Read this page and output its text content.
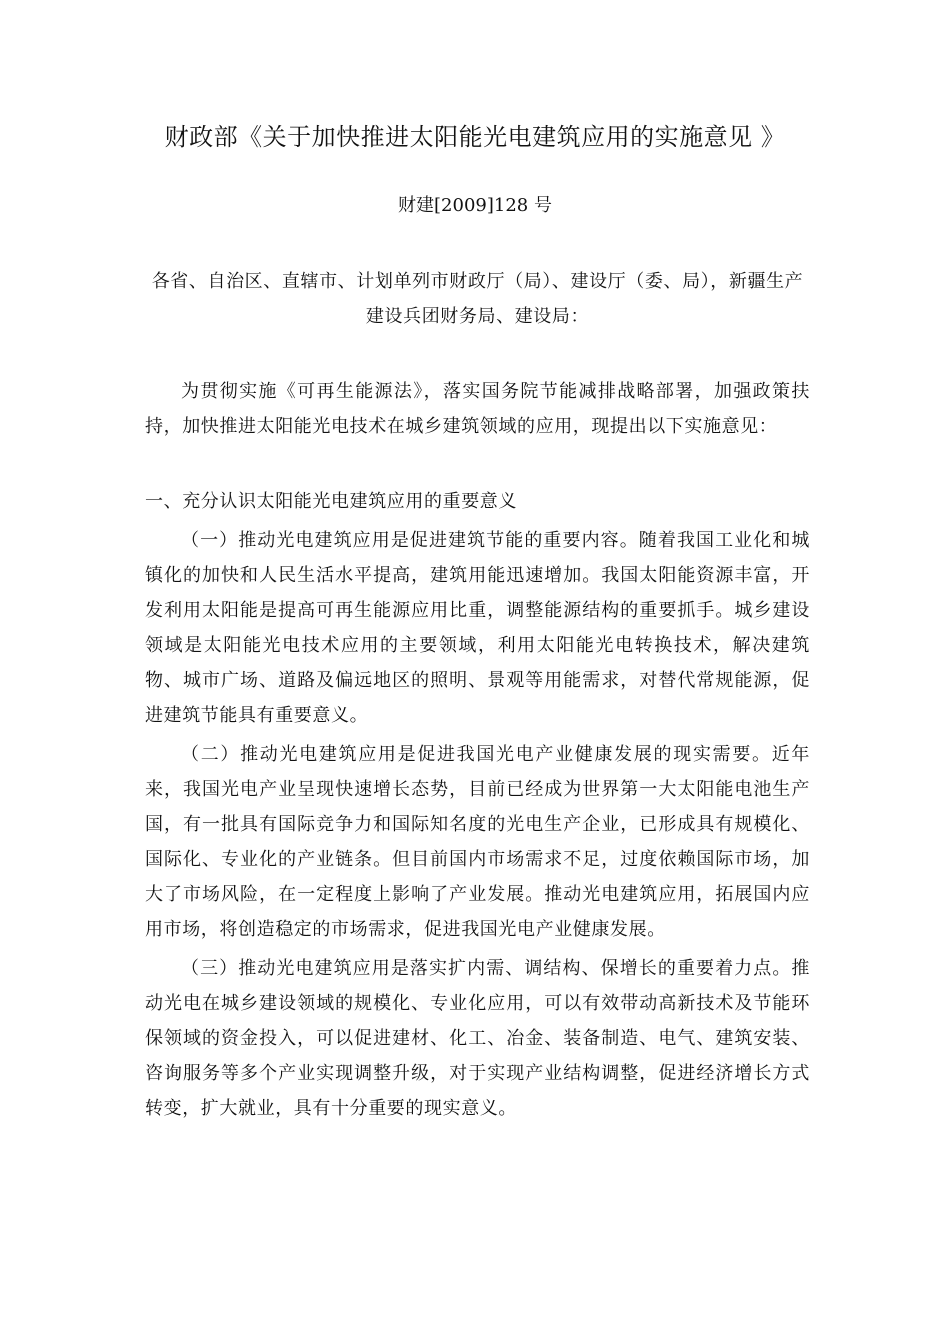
财政部《关于加快推进太阳能光电建筑应用的实施意见 》
财建[2009]128 号
各省、自治区、直辖市、计划单列市财政厅（局）、建设厅（委、局），新疆生产建设兵团财务局、建设局：
为贯彻实施《可再生能源法》，落实国务院节能减排战略部署，加强政策扶持，加快推进太阳能光电技术在城乡建筑领域的应用，现提出以下实施意见：
一、充分认识太阳能光电建筑应用的重要意义
（一）推动光电建筑应用是促进建筑节能的重要内容。随着我国工业化和城镇化的加快和人民生活水平提高，建筑用能迅速增加。我国太阳能资源丰富，开发利用太阳能是提高可再生能源应用比重，调整能源结构的重要抓手。城乡建设领域是太阳能光电技术应用的主要领域，利用太阳能光电转换技术，解决建筑物、城市广场、道路及偏远地区的照明、景观等用能需求，对替代常规能源，促进建筑节能具有重要意义。
（二）推动光电建筑应用是促进我国光电产业健康发展的现实需要。近年来，我国光电产业呈现快速增长态势，目前已经成为世界第一大太阳能电池生产国，有一批具有国际竞争力和国际知名度的光电生产企业，已形成具有规模化、国际化、专业化的产业链条。但目前国内市场需求不足，过度依赖国际市场，加大了市场风险，在一定程度上影响了产业发展。推动光电建筑应用，拓展国内应用市场，将创造稳定的市场需求，促进我国光电产业健康发展。
（三）推动光电建筑应用是落实扩内需、调结构、保增长的重要着力点。推动光电在城乡建设领域的规模化、专业化应用，可以有效带动高新技术及节能环保领域的资金投入，可以促进建材、化工、冶金、装备制造、电气、建筑安装、咨询服务等多个产业实现调整升级，对于实现产业结构调整，促进经济增长方式转变，扩大就业，具有十分重要的现实意义。
